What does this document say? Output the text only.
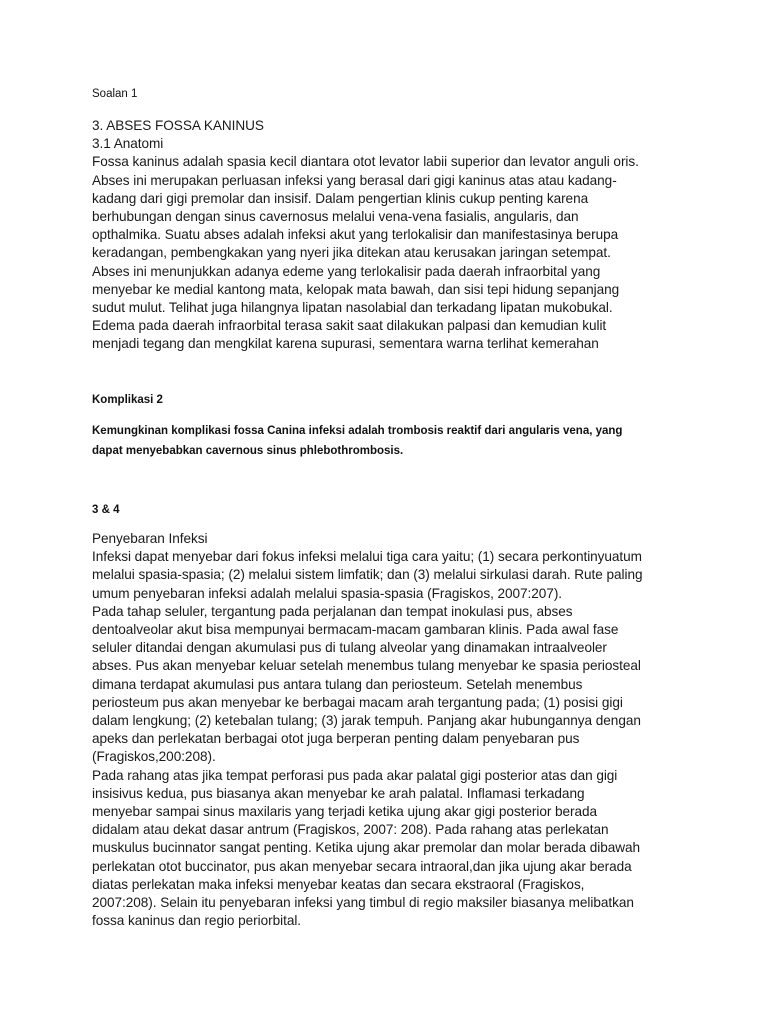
Soalan 1
3. ABSES FOSSA KANINUS
3.1 Anatomi
Fossa kaninus adalah spasia kecil diantara otot levator labii superior dan levator anguli oris.
Abses ini merupakan perluasan infeksi yang berasal dari gigi kaninus atas atau kadang-
kadang dari gigi premolar dan insisif. Dalam pengertian klinis cukup penting karena
berhubungan dengan sinus cavernosus melalui vena-vena fasialis, angularis, dan
opthalmika. Suatu abses adalah infeksi akut yang terlokalisir dan manifestasinya berupa
keradangan, pembengkakan yang nyeri jika ditekan atau kerusakan jaringan setempat.
Abses ini menunjukkan adanya edeme yang terlokalisir pada daerah infraorbital yang
menyebar ke medial kantong mata, kelopak mata bawah, dan sisi tepi hidung sepanjang
sudut mulut. Telihat juga hilangnya lipatan nasolabial dan terkadang lipatan mukobukal.
Edema pada daerah infraorbital terasa sakit saat dilakukan palpasi dan kemudian kulit
menjadi tegang dan mengkilat karena supurasi, sementara warna terlihat kemerahan
Komplikasi 2
Kemungkinan komplikasi fossa Canina infeksi adalah trombosis reaktif dari angularis vena, yang
dapat menyebabkan cavernous sinus phlebothrombosis.
3 & 4
Penyebaran Infeksi
Infeksi dapat menyebar dari fokus infeksi melalui tiga cara yaitu; (1) secara perkontinyuatum
melalui spasia-spasia; (2) melalui sistem limfatik; dan (3) melalui sirkulasi darah. Rute paling
umum penyebaran infeksi adalah melalui spasia-spasia (Fragiskos, 2007:207).
Pada tahap seluler, tergantung pada perjalanan dan tempat inokulasi pus, abses
dentoalveolar akut bisa mempunyai bermacam-macam gambaran klinis. Pada awal fase
seluler ditandai dengan akumulasi pus di tulang alveolar yang dinamakan intraalveoler
abses. Pus akan menyebar keluar setelah menembus tulang menyebar ke spasia periosteal
dimana terdapat akumulasi pus antara tulang dan periosteum. Setelah menembus
periosteum pus akan menyebar ke berbagai macam arah tergantung pada; (1) posisi gigi
dalam lengkung; (2) ketebalan tulang; (3) jarak tempuh. Panjang akar hubungannya dengan
apeks dan perlekatan berbagai otot juga berperan penting dalam penyebaran pus
(Fragiskos,200:208).
Pada rahang atas jika tempat perforasi pus pada akar palatal gigi posterior atas dan gigi
insisivus kedua, pus biasanya akan menyebar ke arah palatal. Inflamasi terkadang
menyebar sampai sinus maxilaris yang terjadi ketika ujung akar gigi posterior berada
didalam atau dekat dasar antrum (Fragiskos, 2007: 208). Pada rahang atas perlekatan
muskulus bucinnator sangat penting. Ketika ujung akar premolar dan molar berada dibawah
perlekatan otot buccinator, pus akan menyebar secara intraoral,dan jika ujung akar berada
diatas perlekatan maka infeksi menyebar keatas dan secara ekstraoral (Fragiskos,
2007:208). Selain itu penyebaran infeksi yang timbul di regio maksiler biasanya melibatkan
fossa kaninus dan regio periorbital.
